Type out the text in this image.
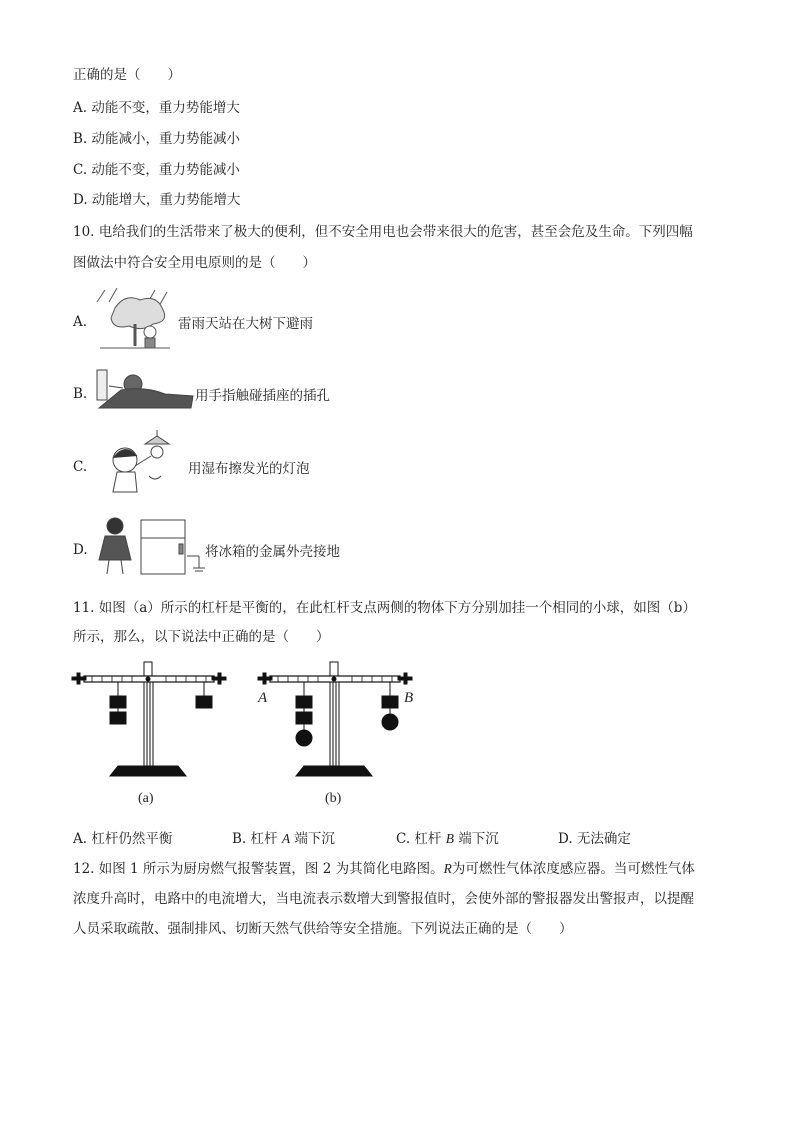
正确的是（　　）
A. 动能不变，重力势能增大
B. 动能减小，重力势能减小
C. 动能不变，重力势能减小
D. 动能增大，重力势能增大
10. 电给我们的生活带来了极大的便利，但不安全用电也会带来很大的危害，甚至会危及生命。下列四幅
图做法中符合安全用电原则的是（　　）
A.	雷雨天站在大树下避雨
B.	用手指触碰插座的插孔
C.	用湿布擦发光的灯泡
D.	将冰箱的金属外壳接地
11. 如图（a）所示的杠杆是平衡的，在此杠杆支点两侧的物体下方分别加挂一个相同的小球，如图（b）
所示，那么，以下说法中正确的是（　　）
(a)
A	B
(b)
A. 杠杆仍然平衡	B. 杠杆 A 端下沉	C. 杠杆 B 端下沉	D. 无法确定
12. 如图 1 所示为厨房燃气报警装置，图 2 为其简化电路图。R为可燃性气体浓度感应器。当可燃性气体
浓度升高时，电路中的电流增大，当电流表示数增大到警报值时，会使外部的警报器发出警报声，以提醒
人员采取疏散、强制排风、切断天然气供给等安全措施。下列说法正确的是（　　）
